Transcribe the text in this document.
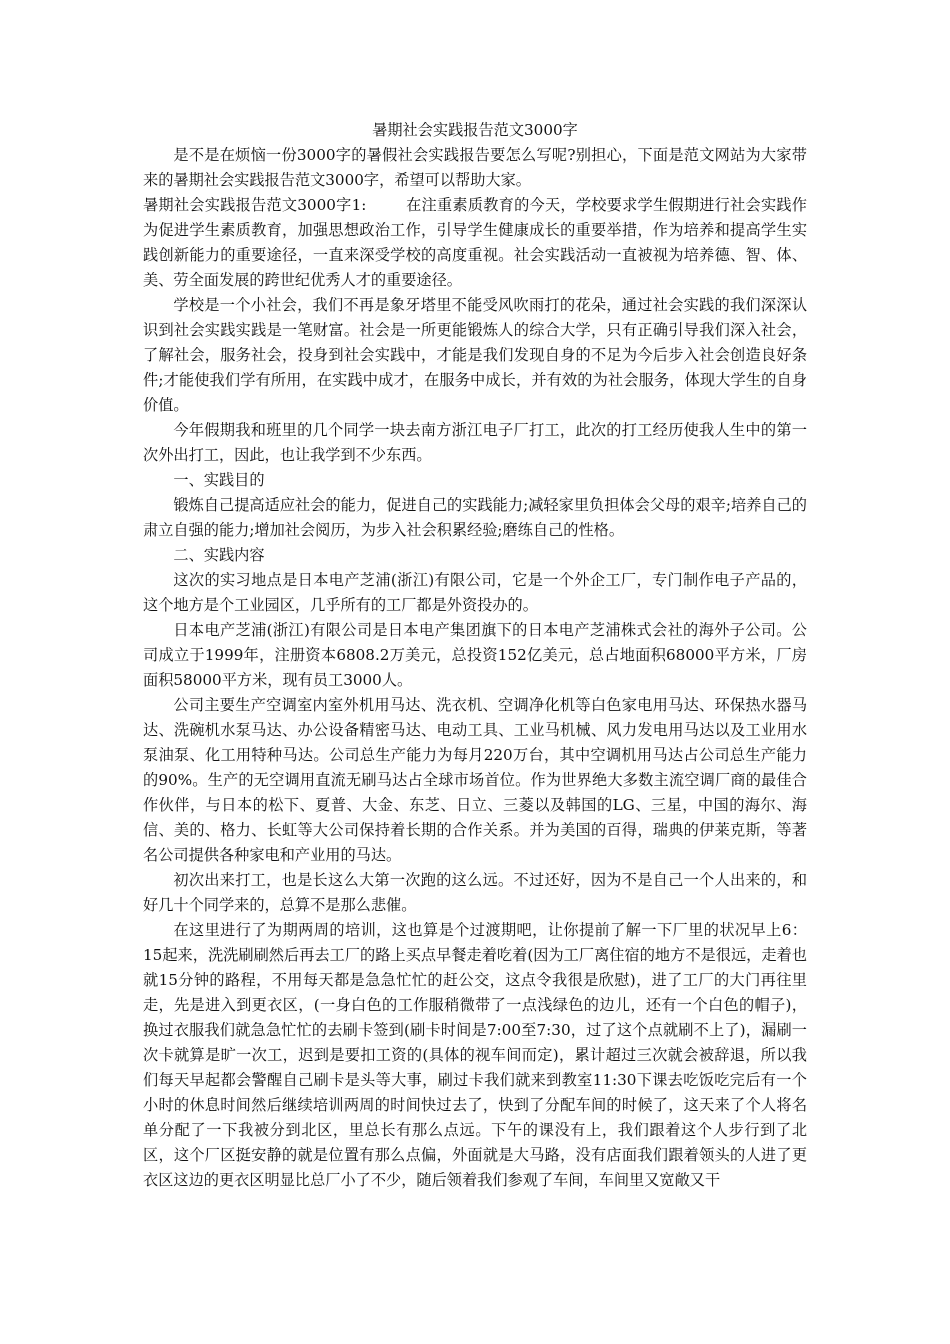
暑期社会实践报告范文3000字

是不是在烦恼一份3000字的暑假社会实践报告要怎么写呢?别担心，下面是范文网站为大家带来的暑期社会实践报告范文3000字，希望可以帮助大家。

暑期社会实践报告范文3000字1:	在注重素质教育的今天，学校要求学生假期进行社会实践作为促进学生素质教育，加强思想政治工作，引导学生健康成长的重要举措，作为培养和提高学生实践创新能力的重要途径，一直来深受学校的高度重视。社会实践活动一直被视为培养德、智、体、美、劳全面发展的跨世纪优秀人才的重要途径。

学校是一个小社会，我们不再是象牙塔里不能受风吹雨打的花朵，通过社会实践的我们深深认识到社会实践实践是一笔财富。社会是一所更能锻炼人的综合大学，只有正确引导我们深入社会，了解社会，服务社会，投身到社会实践中，才能是我们发现自身的不足为今后步入社会创造良好条件;才能使我们学有所用，在实践中成才，在服务中成长，并有效的为社会服务，体现大学生的自身价值。

今年假期我和班里的几个同学一块去南方浙江电子厂打工，此次的打工经历使我人生中的第一次外出打工，因此，也让我学到不少东西。

一、实践目的

锻炼自己提高适应社会的能力，促进自己的实践能力;减轻家里负担体会父母的艰辛;培养自己的肃立自强的能力;增加社会阅历，为步入社会积累经验;磨练自己的性格。

二、实践内容

这次的实习地点是日本电产芝浦(浙江)有限公司，它是一个外企工厂，专门制作电子产品的，这个地方是个工业园区，几乎所有的工厂都是外资投办的。

日本电产芝浦(浙江)有限公司是日本电产集团旗下的日本电产芝浦株式会社的海外子公司。公司成立于1999年，注册资本6808.2万美元，总投资152亿美元，总占地面积68000平方米，厂房面积58000平方米，现有员工3000人。

公司主要生产空调室内室外机用马达、洗衣机、空调净化机等白色家电用马达、环保热水器马达、洗碗机水泵马达、办公设备精密马达、电动工具、工业马机械、风力发电用马达以及工业用水泵油泵、化工用特种马达。公司总生产能力为每月220万台，其中空调机用马达占公司总生产能力的90%。生产的无空调用直流无刷马达占全球市场首位。作为世界绝大多数主流空调厂商的最佳合作伙伴，与日本的松下、夏普、大金、东芝、日立、三菱以及韩国的LG、三星，中国的海尔、海信、美的、格力、长虹等大公司保持着长期的合作关系。并为美国的百得，瑞典的伊莱克斯，等著名公司提供各种家电和产业用的马达。

初次出来打工，也是长这么大第一次跑的这么远。不过还好，因为不是自己一个人出来的，和好几十个同学来的，总算不是那么悲催。

在这里进行了为期两周的培训，这也算是个过渡期吧，让你提前了解一下厂里的状况早上6：15起来，洗洗刷刷然后再去工厂的路上买点早餐走着吃着(因为工厂离住宿的地方不是很远，走着也就15分钟的路程，不用每天都是急急忙忙的赶公交，这点令我很是欣慰)，进了工厂的大门再往里走，先是进入到更衣区，(一身白色的工作服稍微带了一点浅绿色的边儿，还有一个白色的帽子)，换过衣服我们就急急忙忙的去刷卡签到(刷卡时间是7:00至7:30，过了这个点就刷不上了)，漏刷一次卡就算是旷一次工，迟到是要扣工资的(具体的视车间而定)，累计超过三次就会被辞退，所以我们每天早起都会警醒自己刷卡是头等大事，刷过卡我们就来到教室11:30下课去吃饭吃完后有一个小时的休息时间然后继续培训两周的时间快过去了，快到了分配车间的时候了，这天来了个人将名单分配了一下我被分到北区，里总长有那么点远。下午的课没有上，我们跟着这个人步行到了北区，这个厂区挺安静的就是位置有那么点偏，外面就是大马路，没有店面我们跟着领头的人进了更衣区这边的更衣区明显比总厂小了不少，随后领着我们参观了车间，车间里又宽敞又干
